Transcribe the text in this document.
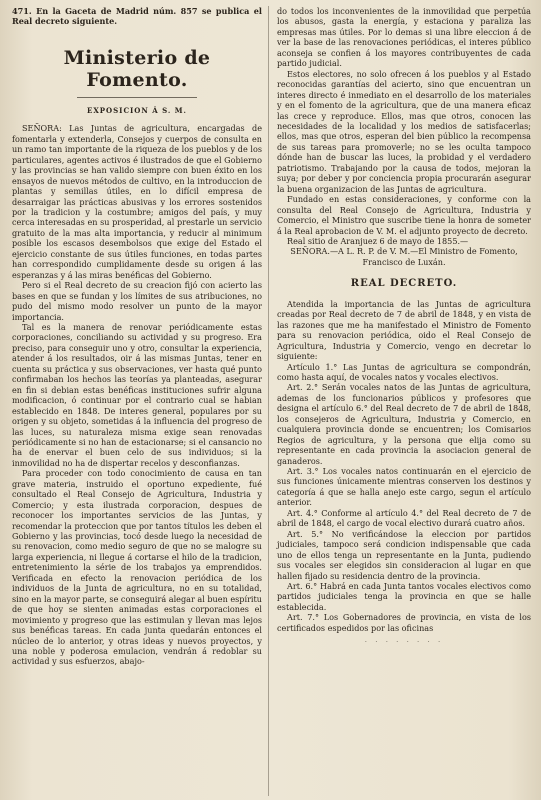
471. En la Gaceta de Madrid núm. 857 se publica el Real decreto siguiente.

Ministerio de Fomento.
EXPOSICION Á S. M.

SEÑORA: Las Juntas de agricultura, encargadas de fomentarla y extenderla, Consejos y cuerpos de consulta en un ramo tan importante de la riqueza de los pueblos y de los particulares, agentes activos é ilustrados de que el Gobierno y las provincias se han valido siempre con buen éxito en los ensayos de nuevos métodos de cultivo, en la introduccion de plantas y semillas útiles, en lo difícil empresa de desarraigar las prácticas abusivas y los errores sostenidos por la tradicion y la costumbre; amigos del país, y muy cerca interesadas en su prosperidad, al prestarle un servicio gratuito de la mas alta importancia, y reducir al minimum posible los escasos desembolsos que exige del Estado el ejercicio constante de sus útiles funciones, en todas partes han correspondido cumplidamente desde su origen á las esperanzas y á las miras benéficas del Gobierno.

Pero si el Real decreto de su creacion fijó con acierto las bases en que se fundan y los límites de sus atribuciones, no pudo del mismo modo resolver un punto de la mayor importancia.

Tal es la manera de renovar periódicamente estas corporaciones, conciliando su actividad y su progreso. Era preciso, para conseguir uno y otro, consultar la experiencia, atender á los resultados, oir á las mismas Juntas, tener en cuenta su práctica y sus observaciones, ver hasta qué punto confirmaban los hechos las teorías ya planteadas, asegurar en fin si debian estas benéficas instituciones sufrir alguna modificacion, ó continuar por el contrario cual se habian establecido en 1848. De interes general, populares por su origen y su objeto, sometidas á la influencia del progreso de las luces, su naturaleza misma exige sean renovadas periódicamente si no han de estacionarse; si el cansancio no ha de enervar el buen celo de sus individuos; si la inmovilidad no ha de dispertar recelos y desconfianzas.

Para proceder con todo conocimiento de causa en tan grave materia, instruido el oportuno expediente, fué consultado el Real Consejo de Agricultura, Industria y Comercio; y esta ilustrada corporacion, despues de reconocer los importantes servicios de las Juntas, y recomendar la proteccion que por tantos títulos les deben el Gobierno y las provincias, tocó desde luego la necesidad de su renovacion, como medio seguro de que no se malogre su larga experiencia, ni llegue á cortarse el hilo de la tradicion, entretenimiento la série de los trabajos ya emprendidos. Verificada en efecto la renovacion periódica de los individuos de la Junta de agricultura, no en su totalidad, sino en la mayor parte, se conseguirá alegar al buen espíritu de que hoy se sienten animadas estas corporaciones el movimiento y progreso que las estimulan y llevan mas lejos sus benéficas tareas. En cada junta quedarán entonces el núcleo de lo anterior, y otras ideas y nuevos proyectos, y una noble y poderosa emulacion, vendrán á redoblar su actividad y sus esfuerzos, abajo-

do todos los inconvenientes de la inmovilidad que perpetúa los abusos, gasta la energía, y estaciona y paraliza las empresas mas útiles. Por lo demas si una libre eleccion á de ver la base de las renovaciones periódicas, el interes público aconseja se confien á los mayores contribuyentes de cada partido judicial.

Estos electores, no solo ofrecen á los pueblos y al Estado reconocidas garantías del acierto, sino que encuentran un interes directo é inmediato en el desarrollo de los materiales y en el fomento de la agricultura, que de una manera eficaz las crece y reproduce. Ellos, mas que otros, conocen las necesidades de la localidad y los medios de satisfacerlas; ellos, mas que otros, esperan del bien público la recompensa de sus tareas para promoverle; no se les oculta tampoco dónde han de buscar las luces, la probidad y el verdadero patriotismo. Trabajando por la causa de todos, mejoran la suya; por deber y por conciencia propia procurarán asegurar la buena organizacion de las Juntas de agricultura.

Fundado en estas consideraciones, y conforme con la consulta del Real Consejo de Agricultura, Industria y Comercio, el Ministro que suscribe tiene la honra de someter á la Real aprobacion de V. M. el adjunto proyecto de decreto.

Real sitio de Aranjuez 6 de mayo de 1855.—

SEÑORA.—A L. R. P. de V. M.—El Ministro de Fomento, Francisco de Luxán.

REAL DECRETO.

Atendida la importancia de las Juntas de agricultura creadas por Real decreto de 7 de abril de 1848, y en vista de las razones que me ha manifestado el Ministro de Fomento para su renovacion periódica, oido el Real Consejo de Agricultura, Industria y Comercio, vengo en decretar lo siguiente:

Artículo 1.° Las Juntas de agricultura se compondrán, como hasta aquí, de vocales natos y vocales electivos.

Art. 2.° Serán vocales natos de las Juntas de agricultura, ademas de los funcionarios públicos y profesores que designa el artículo 6.° del Real decreto de 7 de abril de 1848, los consejeros de Agricultura, Industria y Comercio, en cualquiera provincia donde se encuentren; los Comisarios Regios de agricultura, y la persona que elija como su representante en cada provincia la asociacion general de ganaderos.

Art. 3.° Los vocales natos continuarán en el ejercicio de sus funciones únicamente mientras conserven los destinos y categoría á que se halla anejo este cargo, segun el artículo anterior.

Art. 4.° Conforme al artículo 4.° del Real decreto de 7 de abril de 1848, el cargo de vocal electivo durará cuatro años.

Art. 5.° No verificándose la eleccion por partidos judiciales, tampoco será condicion indispensable que cada uno de ellos tenga un representante en la Junta, pudiendo sus vocales ser elegidos sin consideracion al lugar en que hallen fijado su residencia dentro de la provincia.

Art. 6.° Habrá en cada Junta tantos vocales electivos como partidos judiciales tenga la provincia en que se halle establecida.

Art. 7.° Los Gobernadores de provincia, en vista de los certificados espedidos por las oficinas

· · · · · · · ·
